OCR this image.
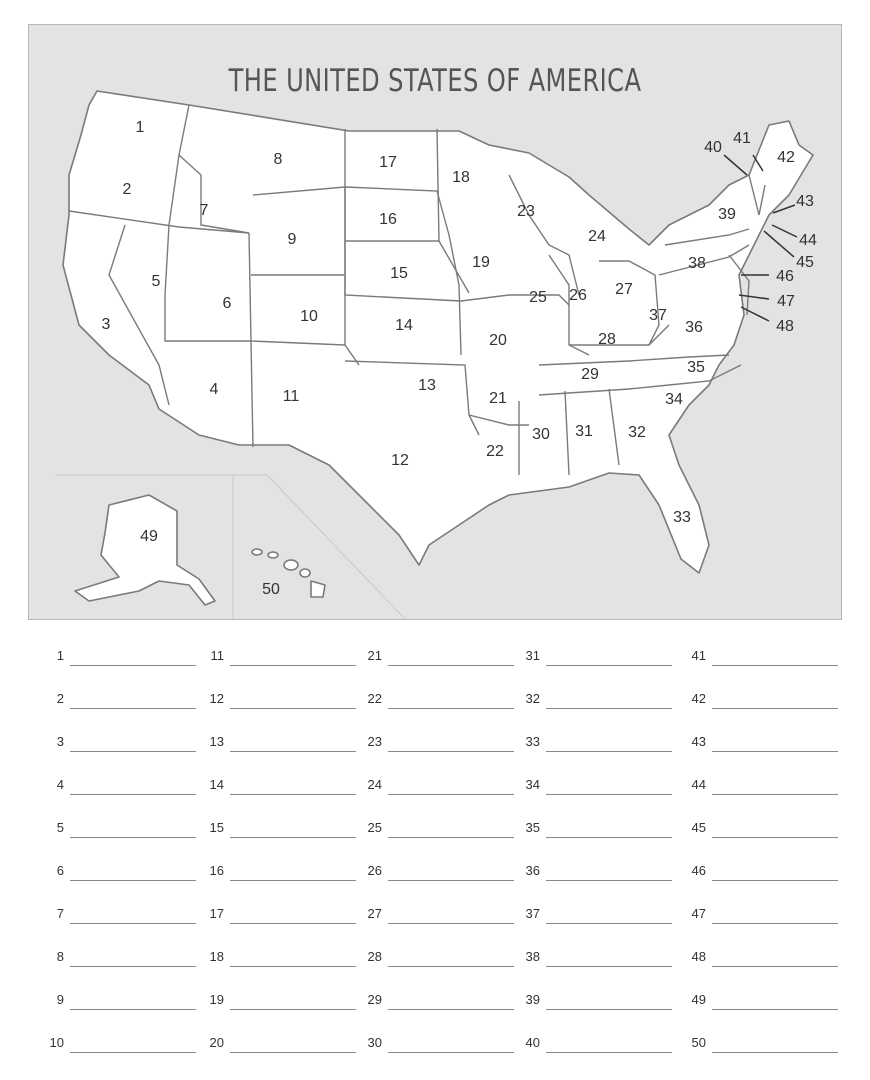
1
2
3
4
5
6
7
8
9
10
11
12
13
14
15
16
17
18
19
20
21
22
23
24
25 26 27
28
29
30 31 32
33
34
35
36
37
38
39
40
41
42
43
44
45
46
47
48
49
50
THE UNITED STATES OF AMERICA
1
2
3
4
5
6
7
8
9
10
11
12
13
14
15
16
17
18
19
20
21
22
23
24
25
26
27
28
29
30
31
32
33
34
35
36
37
38
39
40
41
42
43
44
45
46
47
48
49
50
